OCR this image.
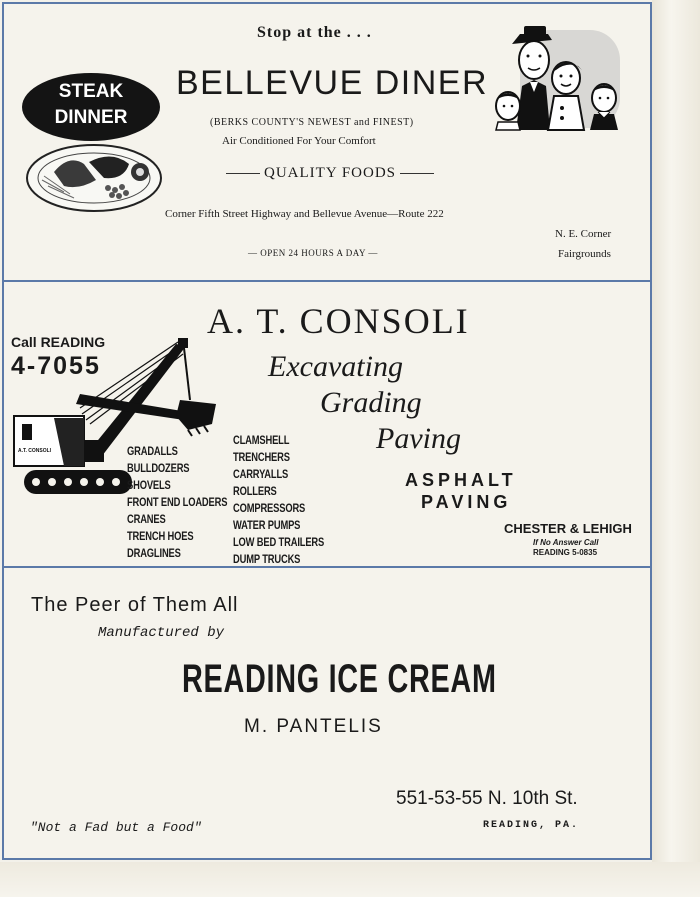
Stop at the . . .
STEAK
DINNER
BELLEVUE DINER
(BERKS COUNTY'S NEWEST and FINEST)
Air Conditioned For Your Comfort
QUALITY FOODS
Corner Fifth Street Highway and Bellevue Avenue—Route 222
— OPEN 24 HOURS A DAY —
N. E. Corner
Fairgrounds
A. T. CONSOLI
Call READING
4-7055
A.T. CONSOLI
Excavating
Grading
Paving
ASPHALT
PAVING
GRADALLS
BULLDOZERS
SHOVELS
FRONT END LOADERS
CRANES
TRENCH HOES
DRAGLINES
CLAMSHELL
TRENCHERS
CARRYALLS
ROLLERS
COMPRESSORS
WATER PUMPS
LOW BED TRAILERS
DUMP TRUCKS
CHESTER & LEHIGH
If No Answer Call
READING 5-0835
The Peer of Them All
Manufactured by
READING ICE CREAM
M. PANTELIS
551-53-55 N. 10th St.
READING, PA.
"Not a Fad but a Food"
